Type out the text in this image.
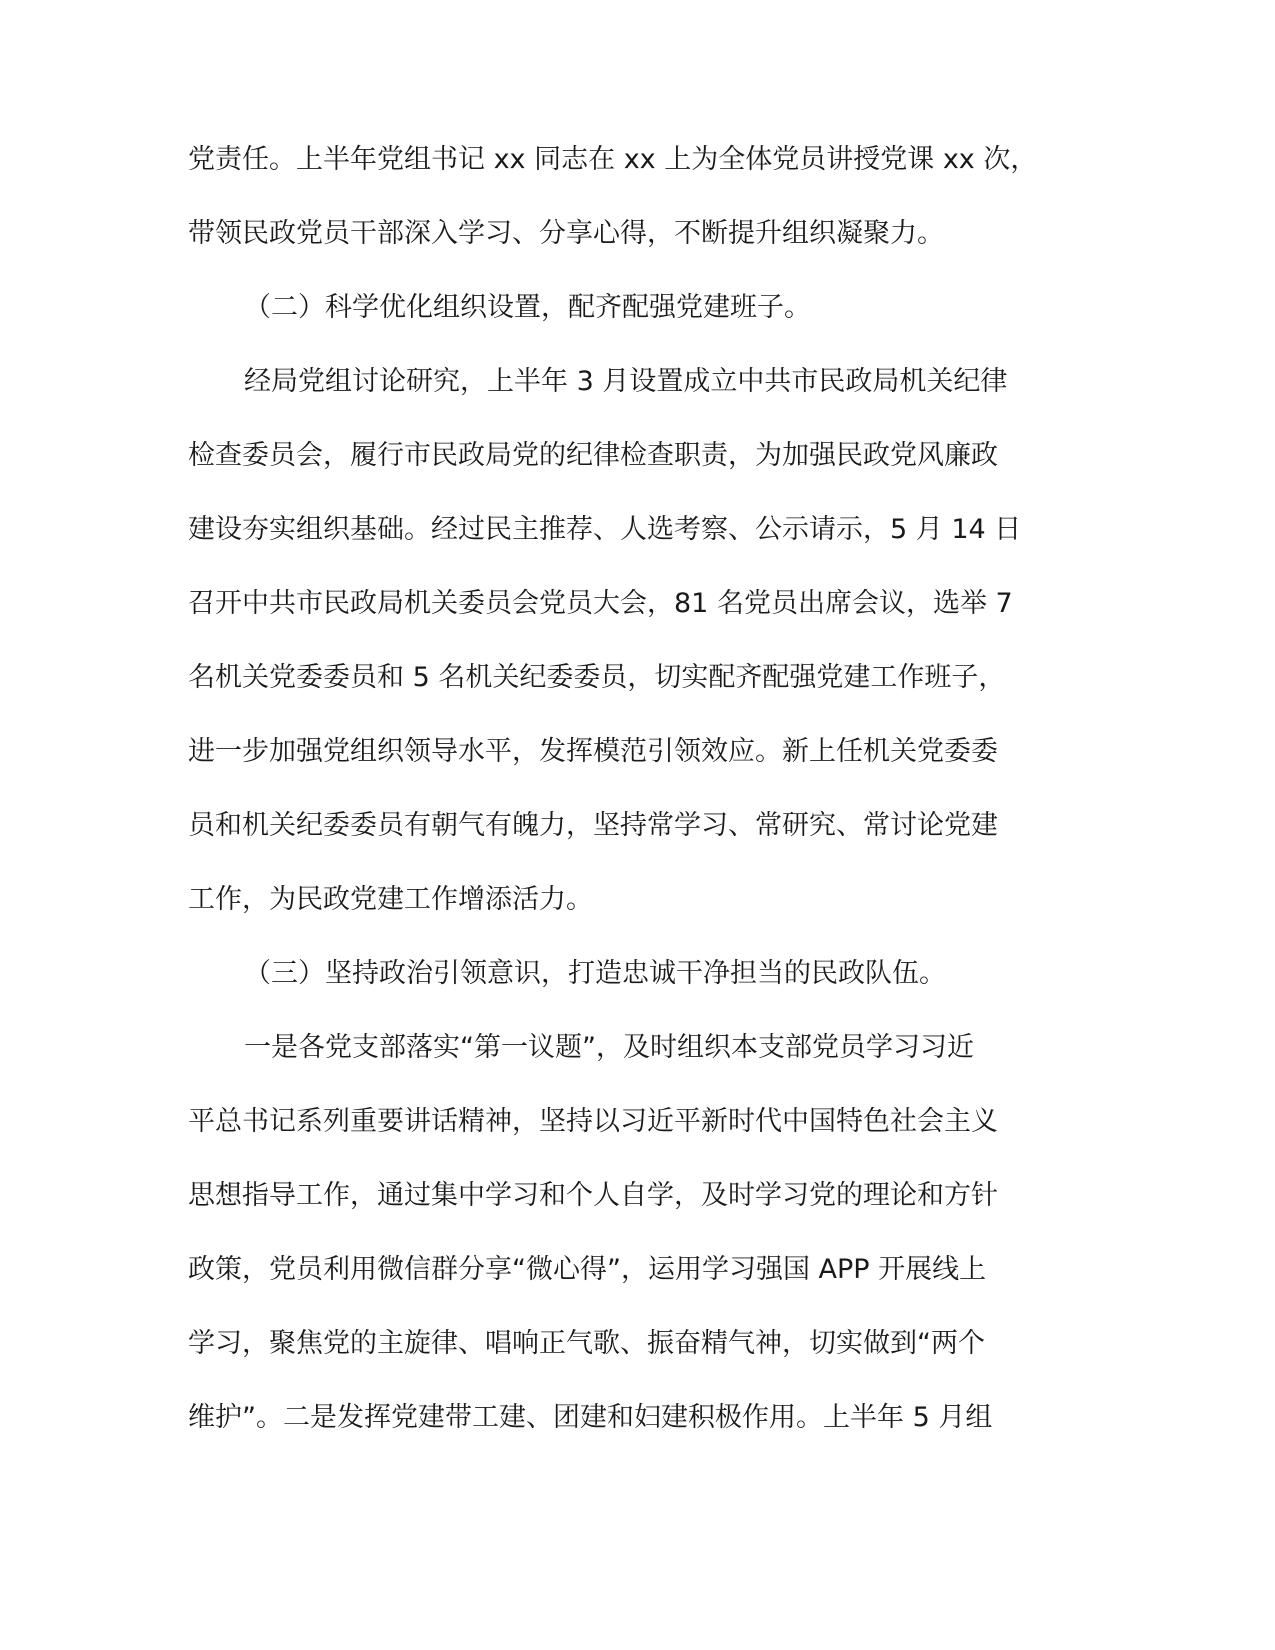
党责任。上半年党组书记 xx 同志在 xx 上为全体党员讲授党课 xx 次，
带领民政党员干部深入学习、分享心得，不断提升组织凝聚力。
（二）科学优化组织设置，配齐配强党建班子。
经局党组讨论研究，上半年 3 月设置成立中共市民政局机关纪律
检查委员会，履行市民政局党的纪律检查职责，为加强民政党风廉政
建设夯实组织基础。经过民主推荐、人选考察、公示请示，5 月 14 日
召开中共市民政局机关委员会党员大会，81 名党员出席会议，选举 7
名机关党委委员和 5 名机关纪委委员，切实配齐配强党建工作班子，
进一步加强党组织领导水平，发挥模范引领效应。新上任机关党委委
员和机关纪委委员有朝气有魄力，坚持常学习、常研究、常讨论党建
工作，为民政党建工作增添活力。
（三）坚持政治引领意识，打造忠诚干净担当的民政队伍。
一是各党支部落实“第一议题”，及时组织本支部党员学习习近
平总书记系列重要讲话精神，坚持以习近平新时代中国特色社会主义
思想指导工作，通过集中学习和个人自学，及时学习党的理论和方针
政策，党员利用微信群分享“微心得”，运用学习强国 APP 开展线上
学习，聚焦党的主旋律、唱响正气歌、振奋精气神，切实做到“两个
维护”。二是发挥党建带工建、团建和妇建积极作用。上半年 5 月组
